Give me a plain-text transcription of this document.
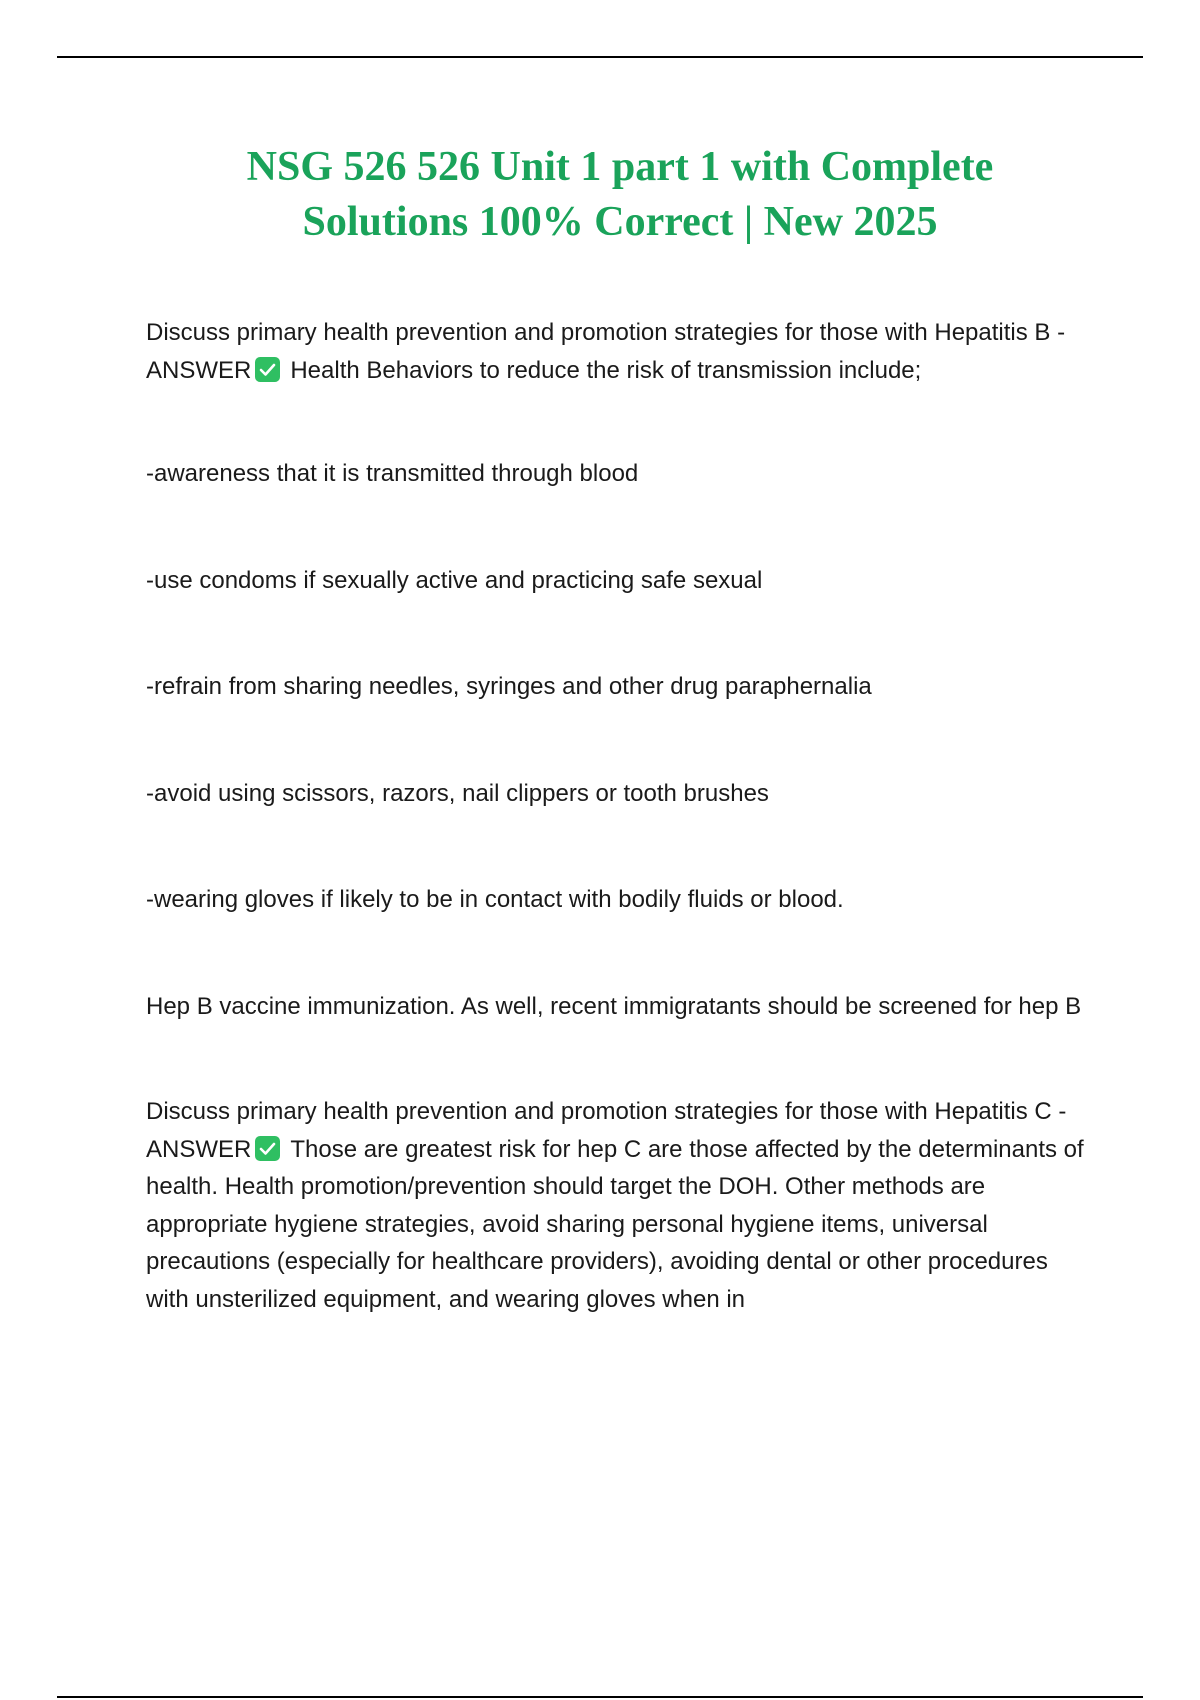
NSG 526 526 Unit 1 part 1 with Complete
Solutions 100% Correct | New 2025

Discuss primary health prevention and promotion strategies for those with Hepatitis B - ANSWER Health Behaviors to reduce the risk of transmission include;

-awareness that it is transmitted through blood

-use condoms if sexually active and practicing safe sexual

-refrain from sharing needles, syringes and other drug paraphernalia

-avoid using scissors, razors, nail clippers or tooth brushes

-wearing gloves if likely to be in contact with bodily fluids or blood.

Hep B vaccine immunization. As well, recent immigratants should be screened for hep B

Discuss primary health prevention and promotion strategies for those with Hepatitis C - ANSWER Those are greatest risk for hep C are those affected by the determinants of health. Health promotion/prevention should target the DOH. Other methods are appropriate hygiene strategies, avoid sharing personal hygiene items, universal precautions (especially for healthcare providers), avoiding dental or other procedures with unsterilized equipment, and wearing gloves when in
